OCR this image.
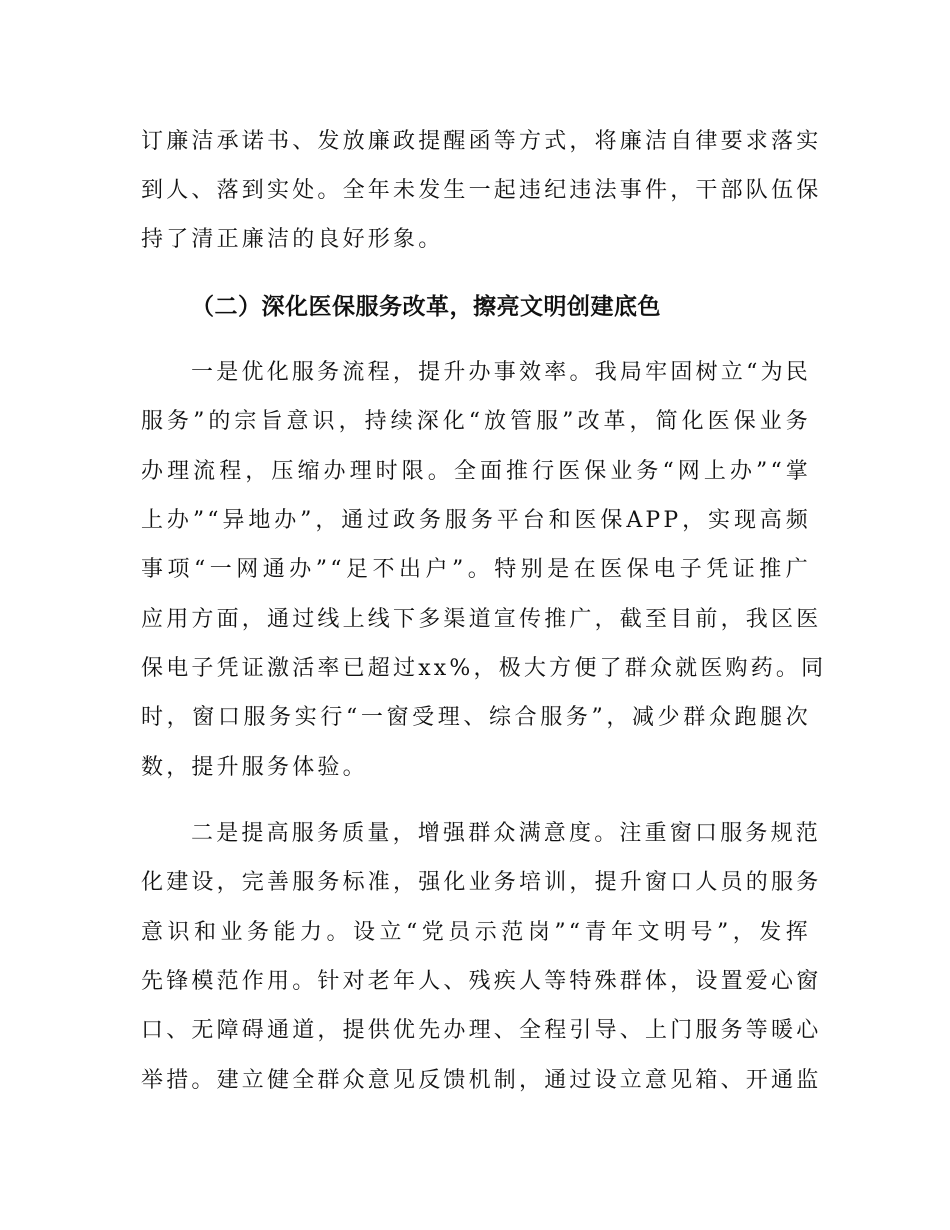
订廉洁承诺书、发放廉政提醒函等方式，将廉洁自律要求落实
到人、落到实处。全年未发生一起违纪违法事件，干部队伍保
持了清正廉洁的良好形象。
（二）深化医保服务改革，擦亮文明创建底色
一是优化服务流程，提升办事效率。我局牢固树立“为民
服务”的宗旨意识，持续深化“放管服”改革，简化医保业务
办理流程，压缩办理时限。全面推行医保业务“网上办”“掌
上办”“异地办”，通过政务服务平台和医保APP，实现高频
事项“一网通办”“足不出户”。特别是在医保电子凭证推广
应用方面，通过线上线下多渠道宣传推广，截至目前，我区医
保电子凭证激活率已超过xx%，极大方便了群众就医购药。同
时，窗口服务实行“一窗受理、综合服务”，减少群众跑腿次
数，提升服务体验。
二是提高服务质量，增强群众满意度。注重窗口服务规范
化建设，完善服务标准，强化业务培训，提升窗口人员的服务
意识和业务能力。设立“党员示范岗”“青年文明号”，发挥
先锋模范作用。针对老年人、残疾人等特殊群体，设置爱心窗
口、无障碍通道，提供优先办理、全程引导、上门服务等暖心
举措。建立健全群众意见反馈机制，通过设立意见箱、开通监
